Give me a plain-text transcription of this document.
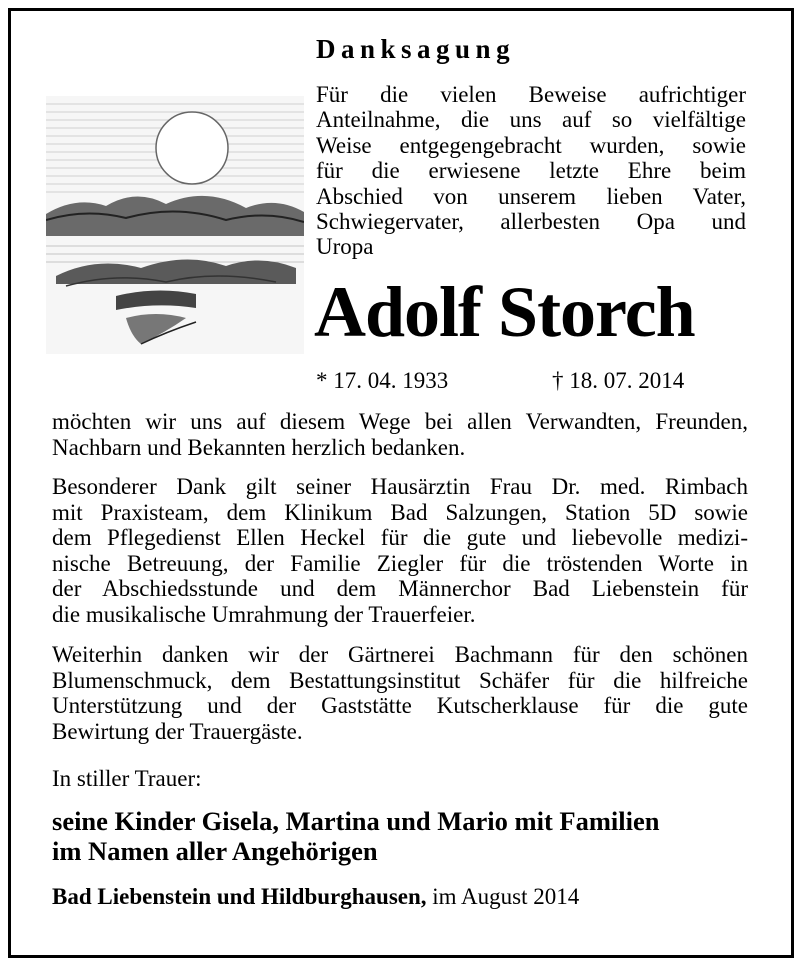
Danksagung
Für die vielen Beweise aufrichtiger
Anteilnahme, die uns auf so vielfältige
Weise entgegengebracht wurden, sowie
für die erwiesene letzte Ehre beim
Abschied von unserem lieben Vater,
Schwiegervater, allerbesten Opa und
Uropa
Adolf Storch
* 17. 04. 1933	† 18. 07. 2014
möchten wir uns auf diesem Wege bei allen Verwandten, Freunden,
Nachbarn und Bekannten herzlich bedanken.
Besonderer Dank gilt seiner Hausärztin Frau Dr. med. Rimbach
mit Praxisteam, dem Klinikum Bad Salzungen, Station 5D sowie
dem Pflegedienst Ellen Heckel für die gute und liebevolle medizi-
nische Betreuung, der Familie Ziegler für die tröstenden Worte in
der Abschiedsstunde und dem Männerchor Bad Liebenstein für
die musikalische Umrahmung der Trauerfeier.
Weiterhin danken wir der Gärtnerei Bachmann für den schönen
Blumenschmuck, dem Bestattungsinstitut Schäfer für die hilfreiche
Unterstützung und der Gaststätte Kutscherklause für die gute
Bewirtung der Trauergäste.

In stiller Trauer:

seine Kinder Gisela, Martina und Mario mit Familien
im Namen aller Angehörigen

Bad Liebenstein und Hildburghausen, im August 2014
